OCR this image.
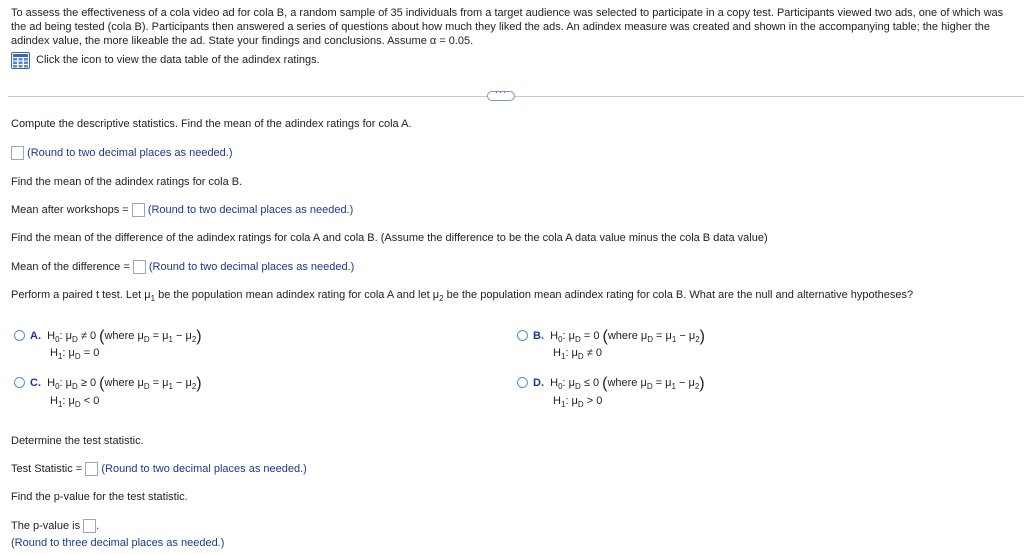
To assess the effectiveness of a cola video ad for cola B, a random sample of 35 individuals from a target audience was selected to participate in a copy test. Participants viewed two ads, one of which was the ad being tested (cola B). Participants then answered a series of questions about how much they liked the ads. An adindex measure was created and shown in the accompanying table; the higher the adindex value, the more likeable the ad. State your findings and conclusions. Assume α = 0.05.
Click the icon to view the data table of the adindex ratings.
···
Compute the descriptive statistics. Find the mean of the adindex ratings for cola A.
(Round to two decimal places as needed.)
Find the mean of the adindex ratings for cola B.
Mean after workshops = (Round to two decimal places as needed.)
Find the mean of the difference of the adindex ratings for cola A and cola B. (Assume the difference to be the cola A data value minus the cola B data value)
Mean of the difference = (Round to two decimal places as needed.)
Perform a paired t test. Let $\mu_1$ be the population mean adindex rating for cola A and let $\mu_2$ be the population mean adindex rating for cola B. What are the null and alternative hypotheses?
A. $H_0$: $\mu_D \ne 0$ (where $\mu_D = \mu_1 - \mu_2$)
$H_1$: $\mu_D = 0$
B. $H_0$: $\mu_D = 0$ (where $\mu_D = \mu_1 - \mu_2$)
$H_1$: $\mu_D \ne 0$
C. $H_0$: $\mu_D \ge 0$ (where $\mu_D = \mu_1 - \mu_2$)
$H_1$: $\mu_D < 0$
D. $H_0$: $\mu_D \le 0$ (where $\mu_D = \mu_1 - \mu_2$)
$H_1$: $\mu_D > 0$
Determine the test statistic.
Test Statistic = (Round to two decimal places as needed.)
Find the p-value for the test statistic.
The p-value is .
(Round to three decimal places as needed.)
